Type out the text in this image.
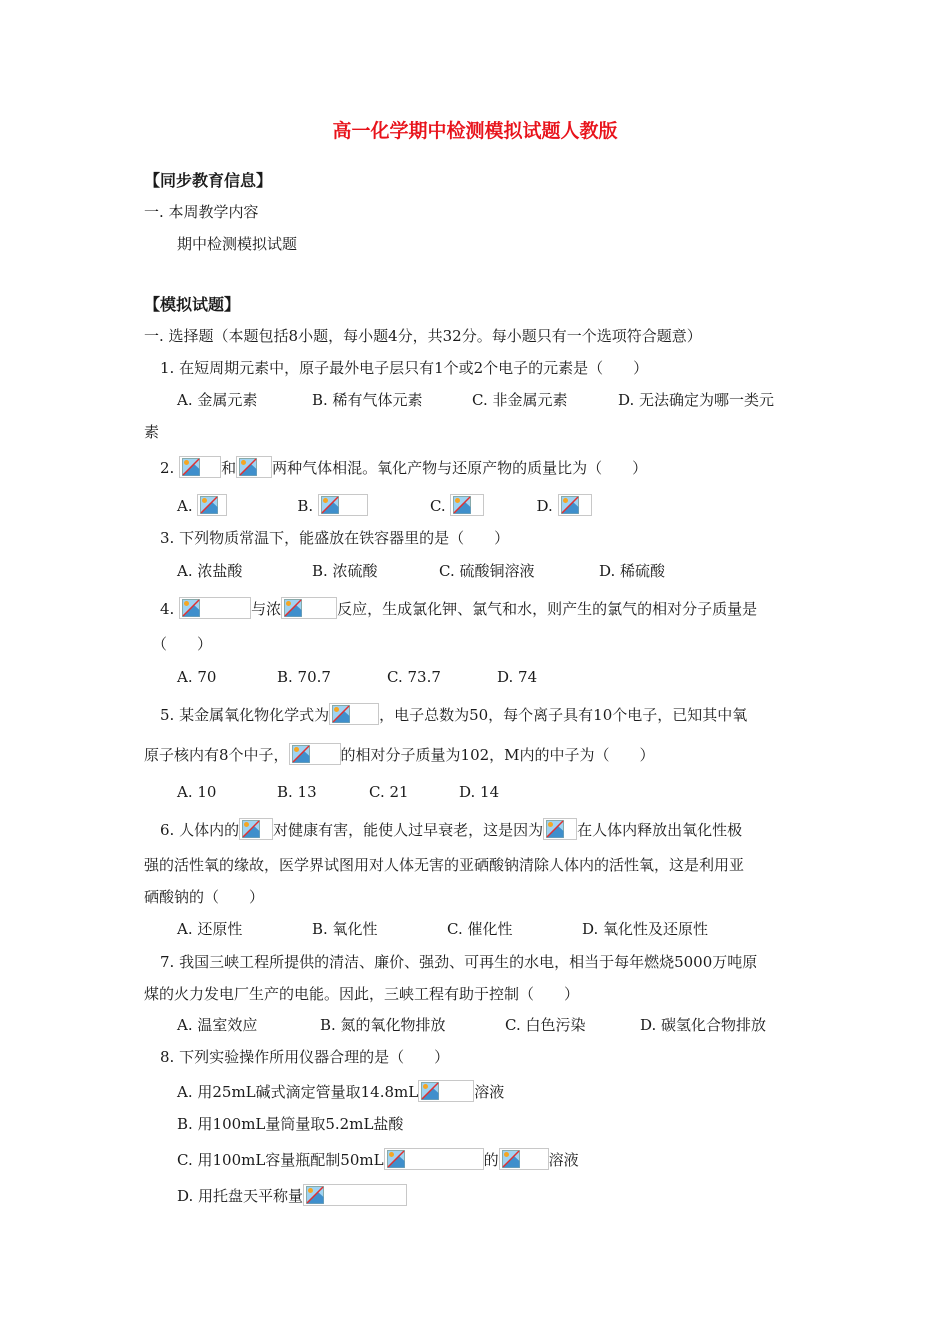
高一化学期中检测模拟试题人教版
【同步教育信息】
一. 本周教学内容
期中检测模拟试题
【模拟试题】
一. 选择题（本题包括8小题，每小题4分，共32分。每小题只有一个选项符合题意）
1. 在短周期元素中，原子最外电子层只有1个或2个电子的元素是（　　）
A. 金属元素	B. 稀有气体元素	C. 非金属元素	D. 无法确定为哪一类元
素
2.	和 两种气体相混。氧化产物与还原产物的质量比为（　　）
A.	B.	C.	D.
3. 下列物质常温下，能盛放在铁容器里的是（　　）
A. 浓盐酸	B. 浓硫酸	C. 硫酸铜溶液	D. 稀硫酸
4.	与浓	反应，生成氯化钾、氯气和水，则产生的氯气的相对分子质量是
（　　）
A. 70	B. 70.7	C. 73.7	D. 74
5. 某金属氧化物化学式为	，电子总数为50，每个离子具有10个电子，已知其中氧
原子核内有8个中子，	的相对分子质量为102，M内的中子为（　　）
A. 10	B. 13	C. 21	D. 14
6. 人体内的 对健康有害，能使人过早衰老，这是因为 在人体内释放出氧化性极
强的活性氧的缘故，医学界试图用对人体无害的亚硒酸钠清除人体内的活性氧，这是利用亚
硒酸钠的（　　）
A. 还原性	B. 氧化性	C. 催化性	D. 氧化性及还原性
7. 我国三峡工程所提供的清洁、廉价、强劲、可再生的水电，相当于每年燃烧5000万吨原
煤的火力发电厂生产的电能。因此，三峡工程有助于控制（　　）
A. 温室效应	B. 氮的氧化物排放	C. 白色污染	D. 碳氢化合物排放
8. 下列实验操作所用仪器合理的是（　　）
A. 用25mL碱式滴定管量取14.8mL	溶液
B. 用100mL量筒量取5.2mL盐酸
C. 用100mL容量瓶配制50mL	的	溶液
D. 用托盘天平称量
